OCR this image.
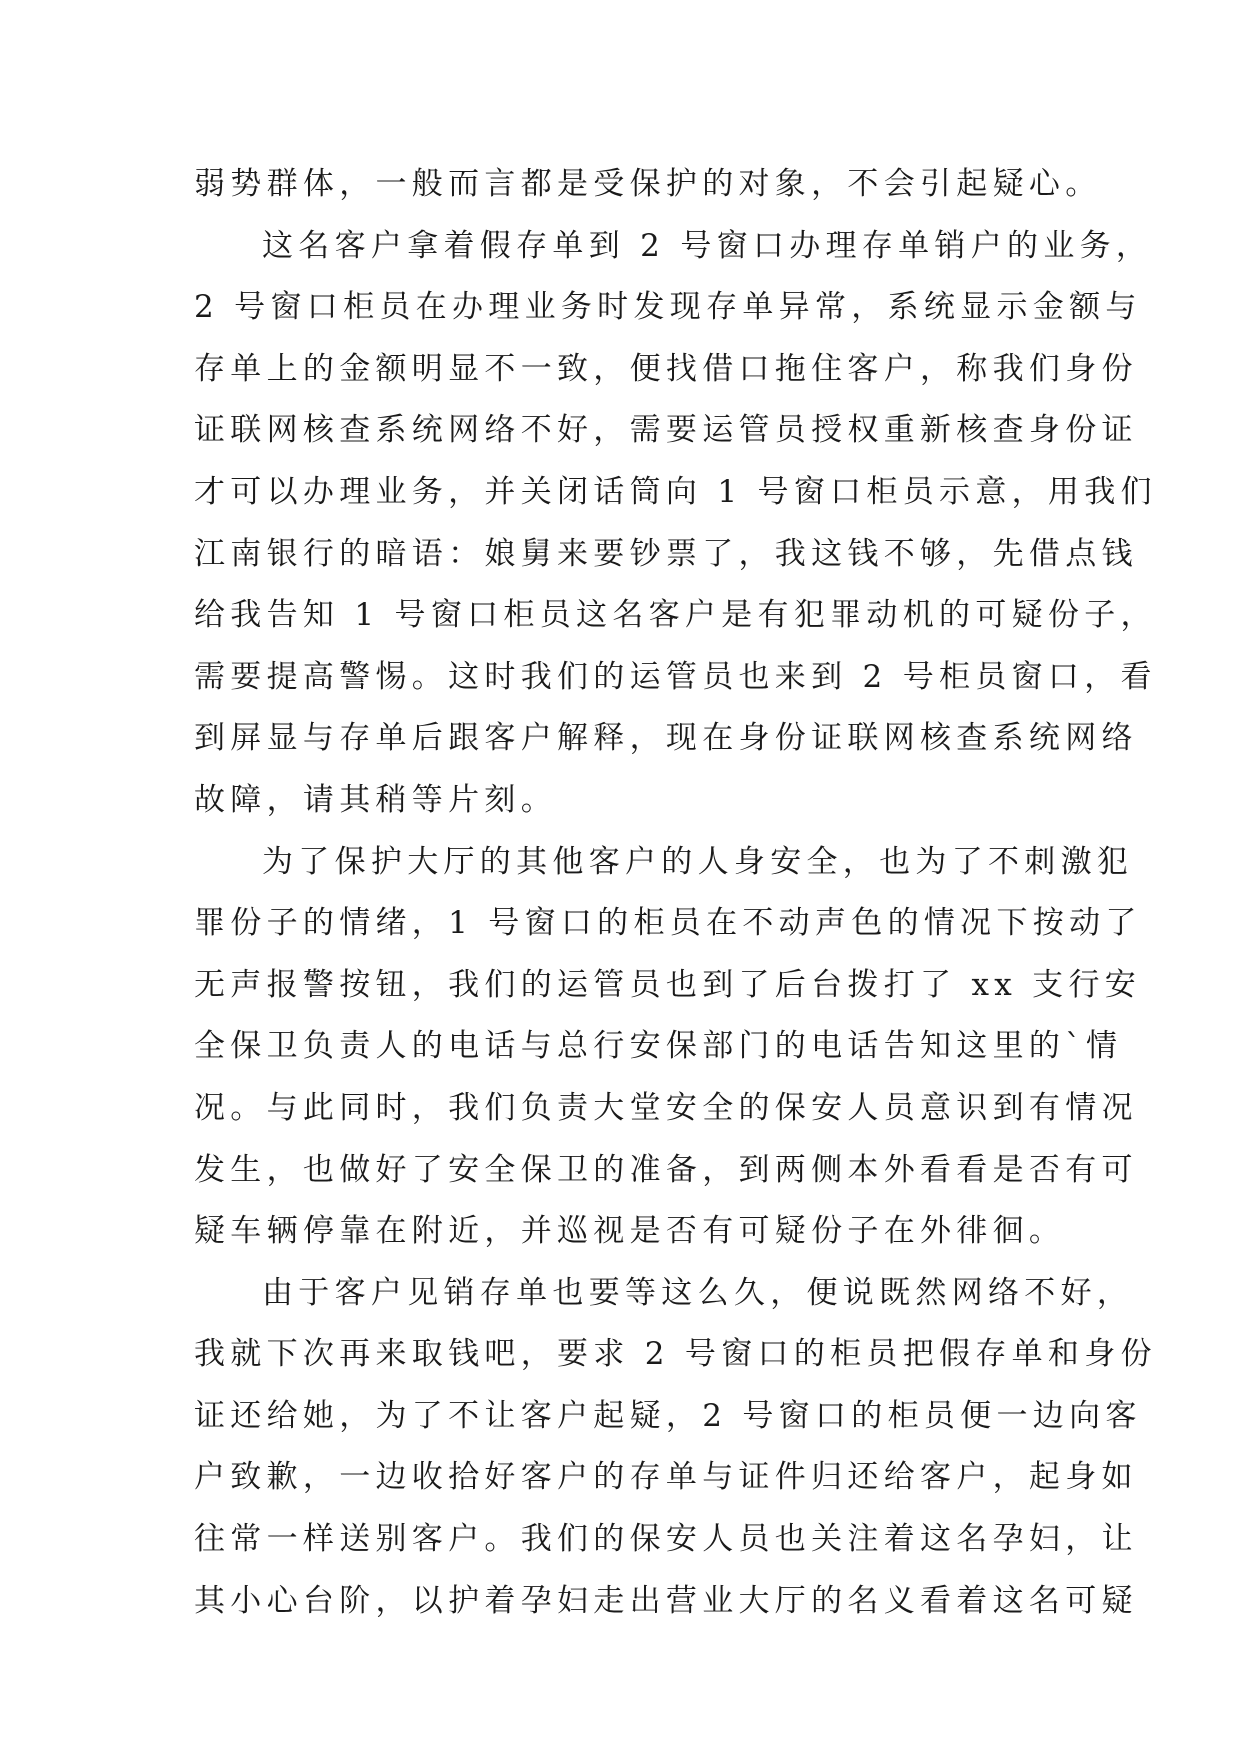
弱势群体，一般而言都是受保护的对象，不会引起疑心。
这名客户拿着假存单到 2 号窗口办理存单销户的业务，
2 号窗口柜员在办理业务时发现存单异常，系统显示金额与
存单上的金额明显不一致，便找借口拖住客户，称我们身份
证联网核查系统网络不好，需要运管员授权重新核查身份证
才可以办理业务，并关闭话筒向 1 号窗口柜员示意，用我们
江南银行的暗语：娘舅来要钞票了，我这钱不够，先借点钱
给我告知 1 号窗口柜员这名客户是有犯罪动机的可疑份子，
需要提高警惕。这时我们的运管员也来到 2 号柜员窗口，看
到屏显与存单后跟客户解释，现在身份证联网核查系统网络
故障，请其稍等片刻。
为了保护大厅的其他客户的人身安全，也为了不刺激犯
罪份子的情绪，1 号窗口的柜员在不动声色的情况下按动了
无声报警按钮，我们的运管员也到了后台拨打了 xx 支行安
全保卫负责人的电话与总行安保部门的电话告知这里的`情
况。与此同时，我们负责大堂安全的保安人员意识到有情况
发生，也做好了安全保卫的准备，到两侧本外看看是否有可
疑车辆停靠在附近，并巡视是否有可疑份子在外徘徊。
由于客户见销存单也要等这么久，便说既然网络不好，
我就下次再来取钱吧，要求 2 号窗口的柜员把假存单和身份
证还给她，为了不让客户起疑，2 号窗口的柜员便一边向客
户致歉，一边收拾好客户的存单与证件归还给客户，起身如
往常一样送别客户。我们的保安人员也关注着这名孕妇，让
其小心台阶，以护着孕妇走出营业大厅的名义看着这名可疑
